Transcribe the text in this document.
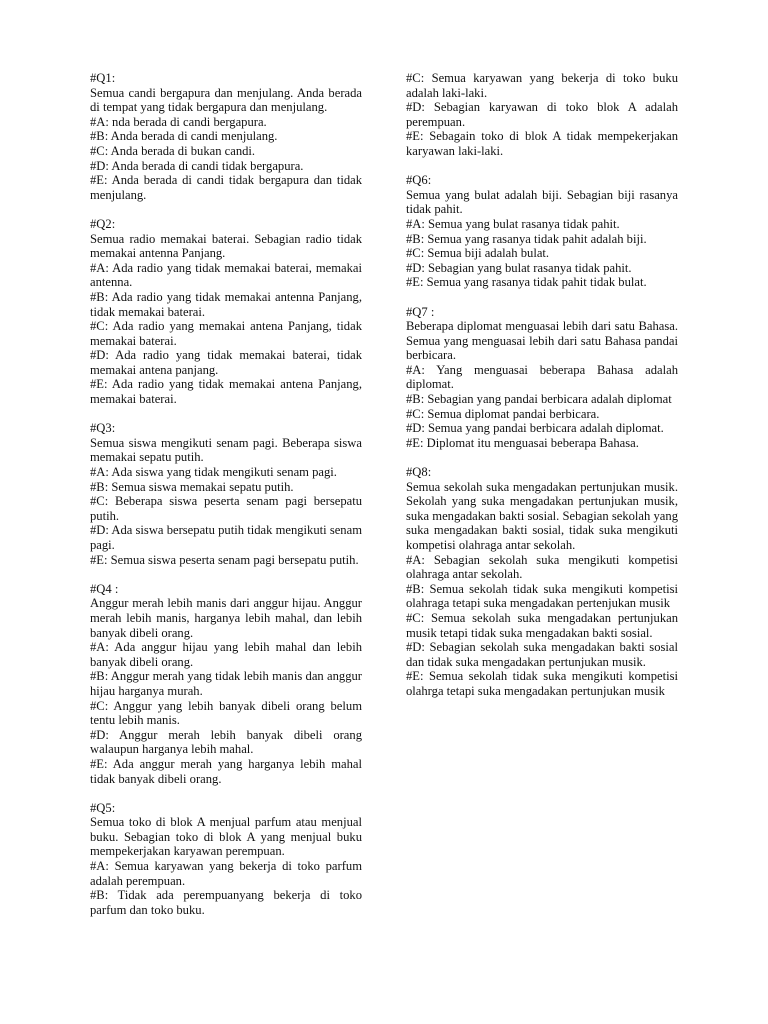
#Q1:

Semua candi bergapura dan menjulang. Anda berada di tempat yang tidak bergapura dan menjulang.

#A: nda berada di candi bergapura.

#B: Anda berada di candi menjulang.

#C: Anda berada di bukan candi.

#D: Anda berada di candi tidak bergapura.

#E: Anda berada di candi tidak bergapura dan tidak menjulang.

#Q2:

Semua radio memakai baterai. Sebagian radio tidak memakai antenna Panjang.

#A: Ada radio yang tidak memakai baterai, memakai antenna.

#B: Ada radio yang tidak memakai antenna Panjang, tidak memakai baterai.

#C: Ada radio yang memakai antena Panjang, tidak memakai baterai.

#D: Ada radio yang tidak memakai baterai, tidak memakai antena panjang.

#E: Ada radio yang tidak memakai antena Panjang, memakai baterai.

#Q3:

Semua siswa mengikuti senam pagi. Beberapa siswa memakai sepatu putih.

#A: Ada siswa yang tidak mengikuti senam pagi.

#B: Semua siswa memakai sepatu putih.

#C: Beberapa siswa peserta senam pagi bersepatu putih.

#D: Ada siswa bersepatu putih tidak mengikuti senam pagi.

#E: Semua siswa peserta senam pagi bersepatu putih.

#Q4 :

Anggur merah lebih manis dari anggur hijau. Anggur merah lebih manis, harganya lebih mahal, dan lebih banyak dibeli orang.

#A: Ada anggur hijau yang lebih mahal dan lebih banyak dibeli orang.

#B: Anggur merah yang tidak lebih manis dan anggur hijau harganya murah.

#C: Anggur yang lebih banyak dibeli orang belum tentu lebih manis.

#D: Anggur merah lebih banyak dibeli orang walaupun harganya lebih mahal.

#E: Ada anggur merah yang harganya lebih mahal tidak banyak dibeli orang.

#Q5:

Semua toko di blok A menjual parfum atau menjual buku. Sebagian toko di blok A yang menjual buku mempekerjakan karyawan perempuan.

#A: Semua karyawan yang bekerja di toko parfum adalah perempuan.

#B: Tidak ada perempuanyang bekerja di toko parfum dan toko buku.

#C: Semua karyawan yang bekerja di toko buku adalah laki-laki.

#D: Sebagian karyawan di toko blok A adalah perempuan.

#E: Sebagain toko di blok A tidak mempekerjakan karyawan laki-laki.

#Q6:

Semua yang bulat adalah biji. Sebagian biji rasanya tidak pahit.

#A: Semua yang bulat rasanya tidak pahit.

#B: Semua yang rasanya tidak pahit adalah biji.

#C: Semua biji adalah bulat.

#D: Sebagian yang bulat rasanya tidak pahit.

#E: Semua yang rasanya tidak pahit tidak bulat.

#Q7 :

Beberapa diplomat menguasai lebih dari satu Bahasa. Semua yang menguasai lebih dari satu Bahasa pandai berbicara.

#A: Yang menguasai beberapa Bahasa adalah diplomat.

#B: Sebagian yang pandai berbicara adalah diplomat

#C: Semua diplomat pandai berbicara.

#D: Semua yang pandai berbicara adalah diplomat.

#E: Diplomat itu menguasai beberapa Bahasa.

#Q8:

Semua sekolah suka mengadakan pertunjukan musik. Sekolah yang suka mengadakan pertunjukan musik, suka mengadakan bakti sosial. Sebagian sekolah yang suka mengadakan bakti sosial, tidak suka mengikuti kompetisi olahraga antar sekolah.

#A: Sebagian sekolah suka mengikuti kompetisi olahraga antar sekolah.

#B: Semua sekolah tidak suka mengikuti kompetisi olahraga tetapi suka mengadakan pertenjukan musik

#C: Semua sekolah suka mengadakan pertunjukan musik tetapi tidak suka mengadakan bakti sosial.

#D: Sebagian sekolah suka mengadakan bakti sosial dan tidak suka mengadakan pertunjukan musik.

#E: Semua sekolah tidak suka mengikuti kompetisi olahrga tetapi suka mengadakan pertunjukan musik
